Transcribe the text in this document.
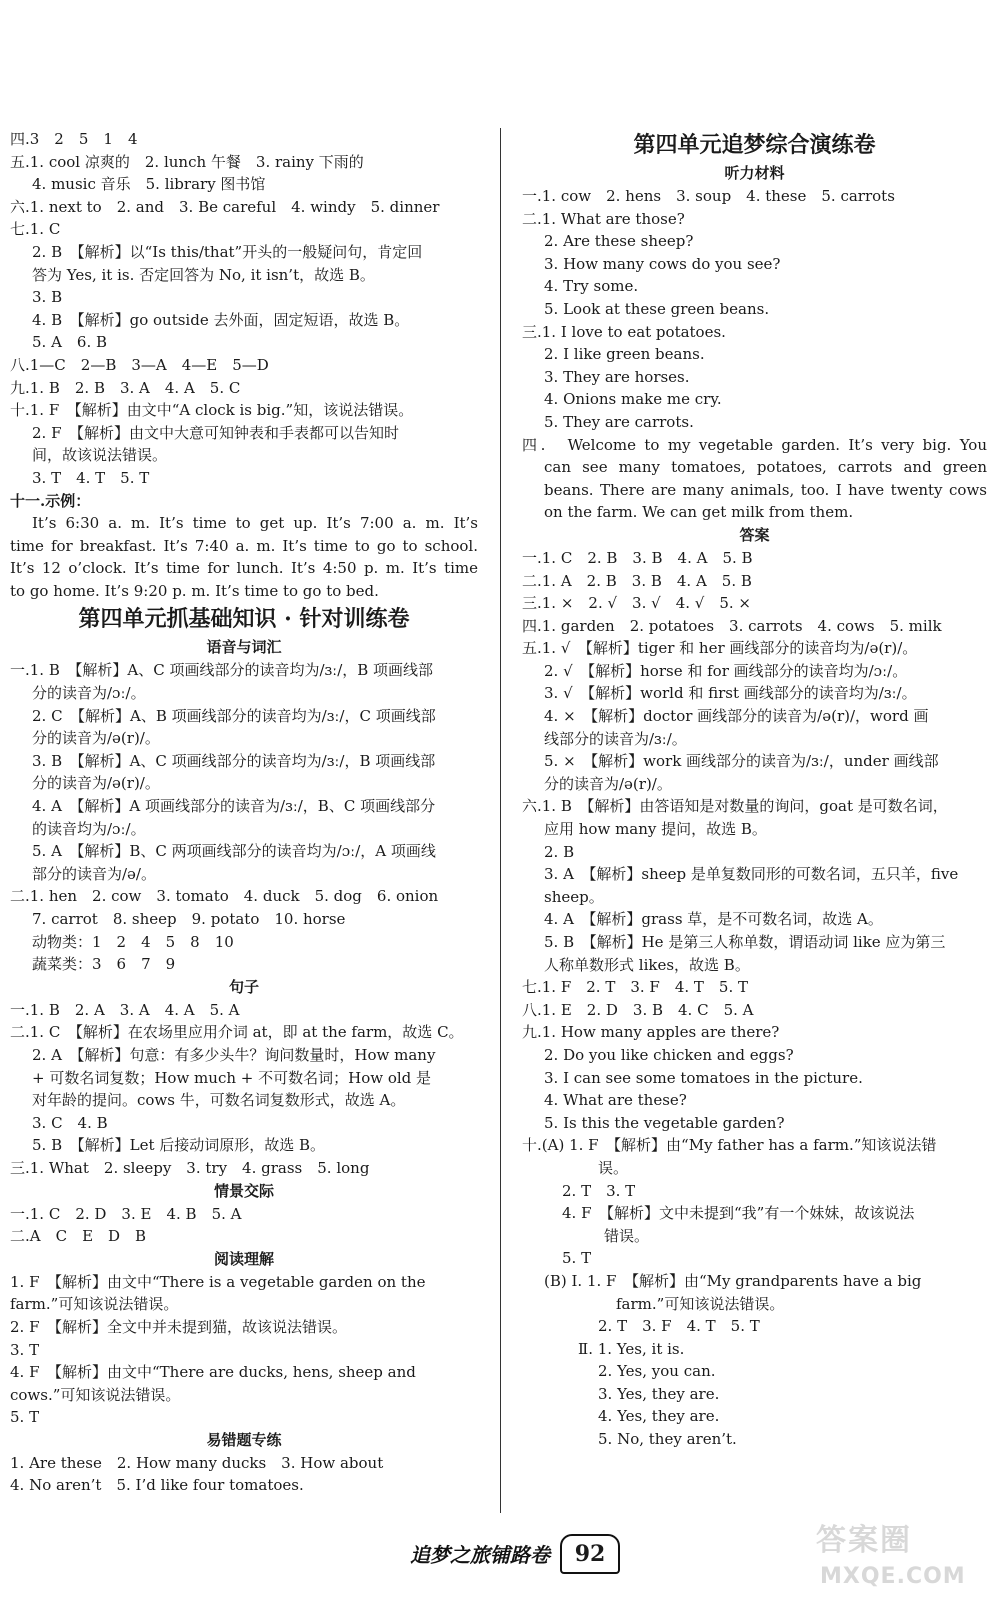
四.3　2　5　1　4
五.1. cool 凉爽的　2. lunch 午餐　3. rainy 下雨的
4. music 音乐　5. library 图书馆
六.1. next to　2. and　3. Be careful　4. windy　5. dinner
七.1. C
2. B　【解析】以“Is this/that”开头的一般疑问句，肯定回
答为 Yes, it is. 否定回答为 No, it isn’t，故选 B。
3. B
4. B　【解析】go outside 去外面，固定短语，故选 B。
5. A　6. B
八.1—C　2—B　3—A　4—E　5—D
九.1. B　2. B　3. A　4. A　5. C
十.1. F　【解析】由文中“A clock is big.”知，该说法错误。
2. F　【解析】由文中大意可知钟表和手表都可以告知时
间，故该说法错误。
3. T　4. T　5. T
十一.示例：
It’s 6:30 a. m. It’s time to get up. It’s 7:00 a. m. It’s
time for breakfast. It’s 7:40 a. m. It’s time to go to school.
It’s 12 o’clock. It’s time for lunch. It’s 4:50 p. m. It’s time
to go home. It’s 9:20 p. m. It’s time to go to bed.
第四单元抓基础知识 · 针对训练卷
语音与词汇
一.1. B　【解析】A、C 项画线部分的读音均为/ɜː/，B 项画线部
分的读音为/ɔː/。
2. C　【解析】A、B 项画线部分的读音均为/ɜː/，C 项画线部
分的读音为/ə(r)/。
3. B　【解析】A、C 项画线部分的读音均为/ɜː/，B 项画线部
分的读音为/ə(r)/。
4. A　【解析】A 项画线部分的读音为/ɜː/，B、C 项画线部分
的读音均为/ɔː/。
5. A　【解析】B、C 两项画线部分的读音均为/ɔː/，A 项画线
部分的读音为/ə/。
二.1. hen　2. cow　3. tomato　4. duck　5. dog　6. onion
7. carrot　8. sheep　9. potato　10. horse
动物类：1　2　4　5　8　10
蔬菜类：3　6　7　9
句子
一.1. B　2. A　3. A　4. A　5. A
二.1. C　【解析】在农场里应用介词 at，即 at the farm，故选 C。
2. A　【解析】句意：有多少头牛？询问数量时，How many
+ 可数名词复数；How much + 不可数名词；How old 是
对年龄的提问。cows 牛，可数名词复数形式，故选 A。
3. C　4. B
5. B　【解析】Let 后接动词原形，故选 B。
三.1. What　2. sleepy　3. try　4. grass　5. long
情景交际
一.1. C　2. D　3. E　4. B　5. A
二.A　C　E　D　B
阅读理解
1. F　【解析】由文中“There is a vegetable garden on the
farm.”可知该说法错误。
2. F　【解析】全文中并未提到猫，故该说法错误。
3. T
4. F　【解析】由文中“There are ducks, hens, sheep and
cows.”可知该说法错误。
5. T
易错题专练
1. Are these　2. How many ducks　3. How about
4. No aren’t　5. I’d like four tomatoes.
第四单元追梦综合演练卷
听力材料
一.1. cow　2. hens　3. soup　4. these　5. carrots
二.1. What are those?
2. Are these sheep?
3. How many cows do you see?
4. Try some.
5. Look at these green beans.
三.1. I love to eat potatoes.
2. I like green beans.
3. They are horses.
4. Onions make me cry.
5. They are carrots.
四.　Welcome to my vegetable garden. It’s very big. You
can see many tomatoes, potatoes, carrots and green
beans. There are many animals, too. I have twenty cows
on the farm. We can get milk from them.
答案
一.1. C　2. B　3. B　4. A　5. B
二.1. A　2. B　3. B　4. A　5. B
三.1. ×　2. √　3. √　4. √　5. ×
四.1. garden　2. potatoes　3. carrots　4. cows　5. milk
五.1. √　【解析】tiger 和 her 画线部分的读音均为/ə(r)/。
2. √　【解析】horse 和 for 画线部分的读音均为/ɔː/。
3. √　【解析】world 和 first 画线部分的读音均为/ɜː/。
4. ×　【解析】doctor 画线部分的读音为/ə(r)/，word 画
线部分的读音为/ɜː/。
5. ×　【解析】work 画线部分的读音为/ɜː/，under 画线部
分的读音为/ə(r)/。
六.1. B　【解析】由答语知是对数量的询问，goat 是可数名词，
应用 how many 提问，故选 B。
2. B
3. A　【解析】sheep 是单复数同形的可数名词，五只羊，five
sheep。
4. A　【解析】grass 草，是不可数名词，故选 A。
5. B　【解析】He 是第三人称单数，谓语动词 like 应为第三
人称单数形式 likes，故选 B。
七.1. F　2. T　3. F　4. T　5. T
八.1. E　2. D　3. B　4. C　5. A
九.1. How many apples are there?
2. Do you like chicken and eggs?
3. I can see some tomatoes in the picture.
4. What are these?
5. Is this the vegetable garden?
十.(A) 1. F　【解析】由“My father has a farm.”知该说法错
误。
2. T　3. T
4. F　【解析】文中未提到“我”有一个妹妹，故该说法
错误。
5. T
(B) Ⅰ. 1. F　【解析】由“My grandparents have a big
farm.”可知该说法错误。
2. T　3. F　4. T　5. T
Ⅱ. 1. Yes, it is.
2. Yes, you can.
3. Yes, they are.
4. Yes, they are.
5. No, they aren’t.
追梦之旅铺路卷	92	答案圈
MXQE.COM
